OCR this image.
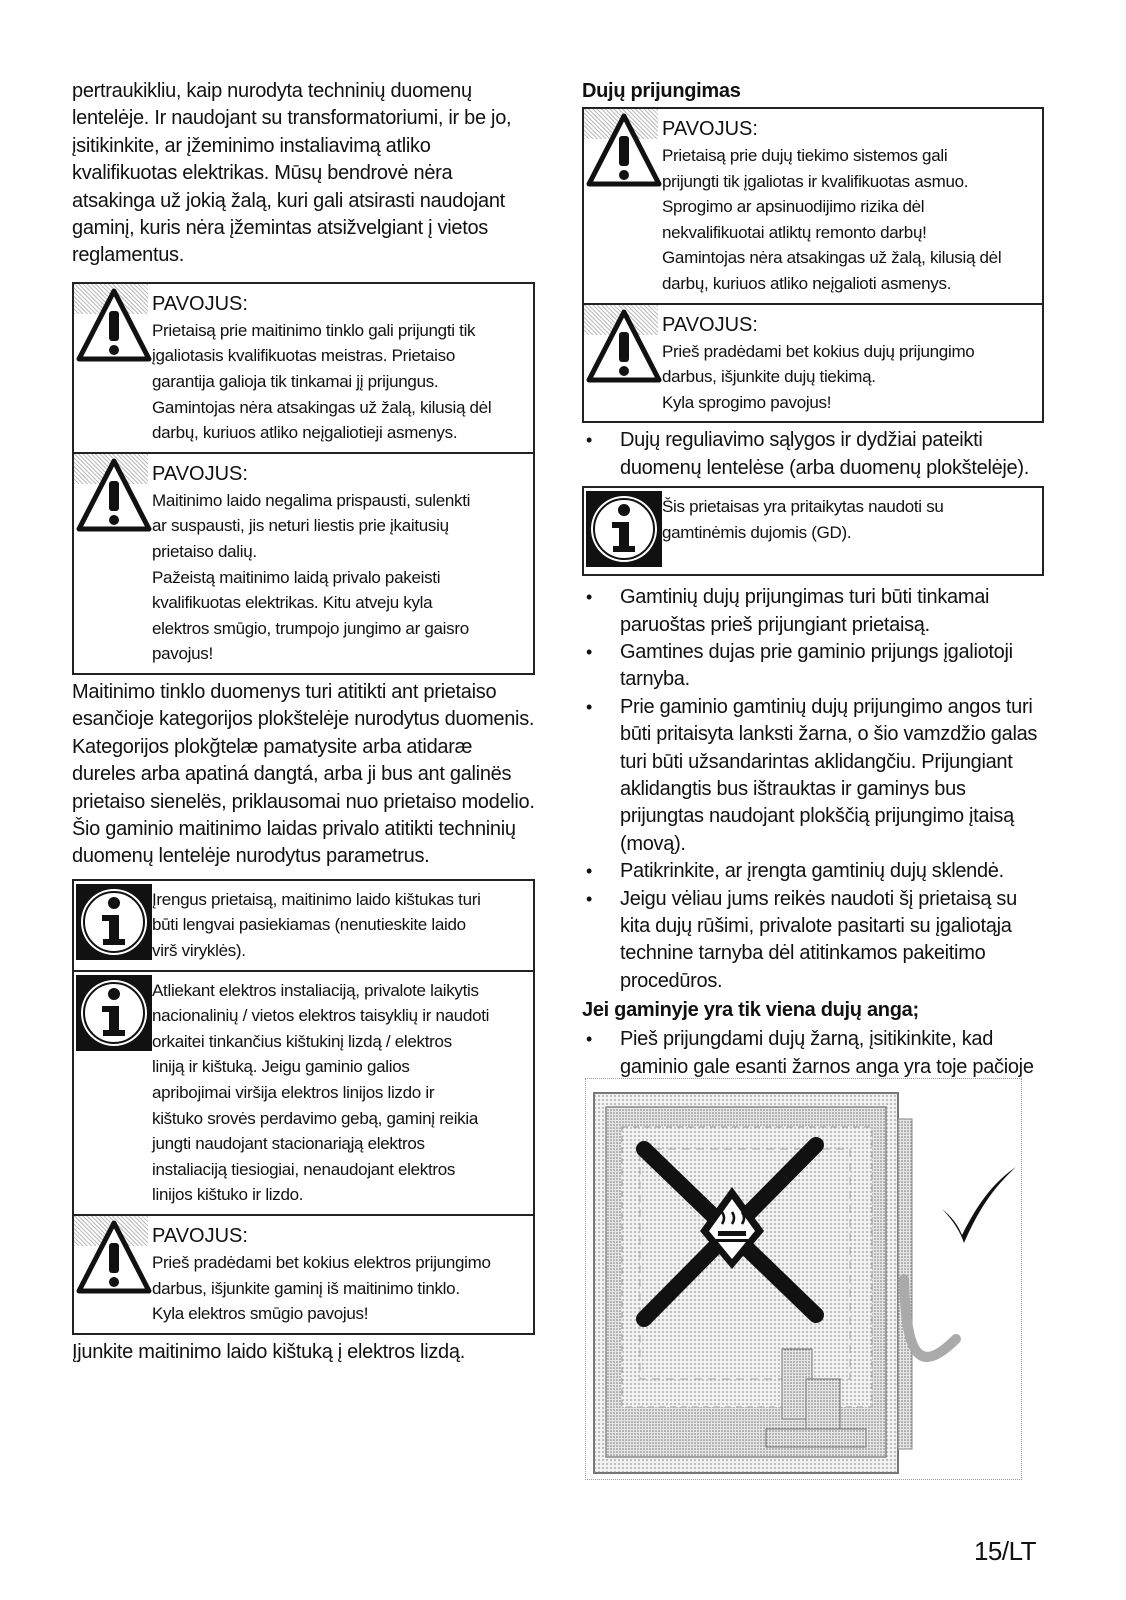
pertraukikliu, kaip nurodyta techninių duomenų lentelėje. Ir naudojant su transformatoriumi, ir be jo, įsitikinkite, ar įžeminimo instaliavimą atliko kvalifikuotas elektrikas. Mūsų bendrovė nėra atsakinga už jokią žalą, kuri gali atsirasti naudojant gaminį, kuris nėra įžemintas atsižvelgiant į vietos reglamentus.

PAVOJUS:

Prietaisą prie maitinimo tinklo gali prijungti tik
įgaliotasis kvalifikuotas meistras. Prietaiso
garantija galioja tik tinkamai jį prijungus.
Gamintojas nėra atsakingas už žalą, kilusią dėl
darbų, kuriuos atliko neįgaliotieji asmenys.

PAVOJUS:

Maitinimo laido negalima prispausti, sulenkti
ar suspausti, jis neturi liestis prie įkaitusių
prietaiso dalių.
Pažeistą maitinimo laidą privalo pakeisti
kvalifikuotas elektrikas. Kitu atveju kyla
elektros smūgio, trumpojo jungimo ar gaisro
pavojus!

Maitinimo tinklo duomenys turi atitikti ant prietaiso esančioje kategorijos plokštelėje nurodytus duomenis. Kategorijos plokğtelæ pamatysite arba atidaræ dureles arba apatiná dangtá, arba ji bus ant galinës prietaiso sienelës, priklausomai nuo prietaiso modelio.

Šio gaminio maitinimo laidas privalo atitikti techninių duomenų lentelėje nurodytus parametrus.

Įrengus prietaisą, maitinimo laido kištukas turi
būti lengvai pasiekiamas (nenutieskite laido
virš viryklės).

Atliekant elektros instaliaciją, privalote laikytis
nacionalinių / vietos elektros taisyklių ir naudoti
orkaitei tinkančius kištukinį lizdą / elektros
liniją ir kištuką. Jeigu gaminio galios
apribojimai viršija elektros linijos lizdo ir
kištuko srovės perdavimo gebą, gaminį reikia
jungti naudojant stacionariąją elektros
instaliaciją tiesiogiai, nenaudojant elektros
linijos kištuko ir lizdo.

PAVOJUS:

Prieš pradėdami bet kokius elektros prijungimo
darbus, išjunkite gaminį iš maitinimo tinklo.
Kyla elektros smūgio pavojus!

Įjunkite maitinimo laido kištuką į elektros lizdą.

Dujų prijungimas
PAVOJUS:

Prietaisą prie dujų tiekimo sistemos gali
prijungti tik įgaliotas ir kvalifikuotas asmuo.
Sprogimo ar apsinuodijimo rizika dėl
nekvalifikuotai atliktų remonto darbų!
Gamintojas nėra atsakingas už žalą, kilusią dėl
darbų, kuriuos atliko neįgalioti asmenys.

PAVOJUS:

Prieš pradėdami bet kokius dujų prijungimo
darbus, išjunkite dujų tiekimą.
Kyla sprogimo pavojus!

• Dujų reguliavimo sąlygos ir dydžiai pateikti duomenų lentelėse (arba duomenų plokštelėje).

Šis prietaisas yra pritaikytas naudoti su
gamtinėmis dujomis (GD).

• Gamtinių dujų prijungimas turi būti tinkamai paruoštas prieš prijungiant prietaisą.
• Gamtines dujas prie gaminio prijungs įgaliotoji tarnyba.
• Prie gaminio gamtinių dujų prijungimo angos turi būti pritaisyta lanksti žarna, o šio vamzdžio galas turi būti užsandarintas aklidangčiu. Prijungiant aklidangtis bus ištrauktas ir gaminys bus prijungtas naudojant plokščią prijungimo įtaisą (movą).
• Patikrinkite, ar įrengta gamtinių dujų sklendė.
• Jeigu vėliau jums reikės naudoti šį prietaisą su kita dujų rūšimi, privalote pasitarti su įgaliotąja technine tarnyba dėl atitinkamos pakeitimo procedūros.
Jei gaminyje yra tik viena dujų anga;
• Pieš prijungdami dujų žarną, įsitikinkite, kad gaminio gale esanti žarnos anga yra toje pačioje
15/LT
